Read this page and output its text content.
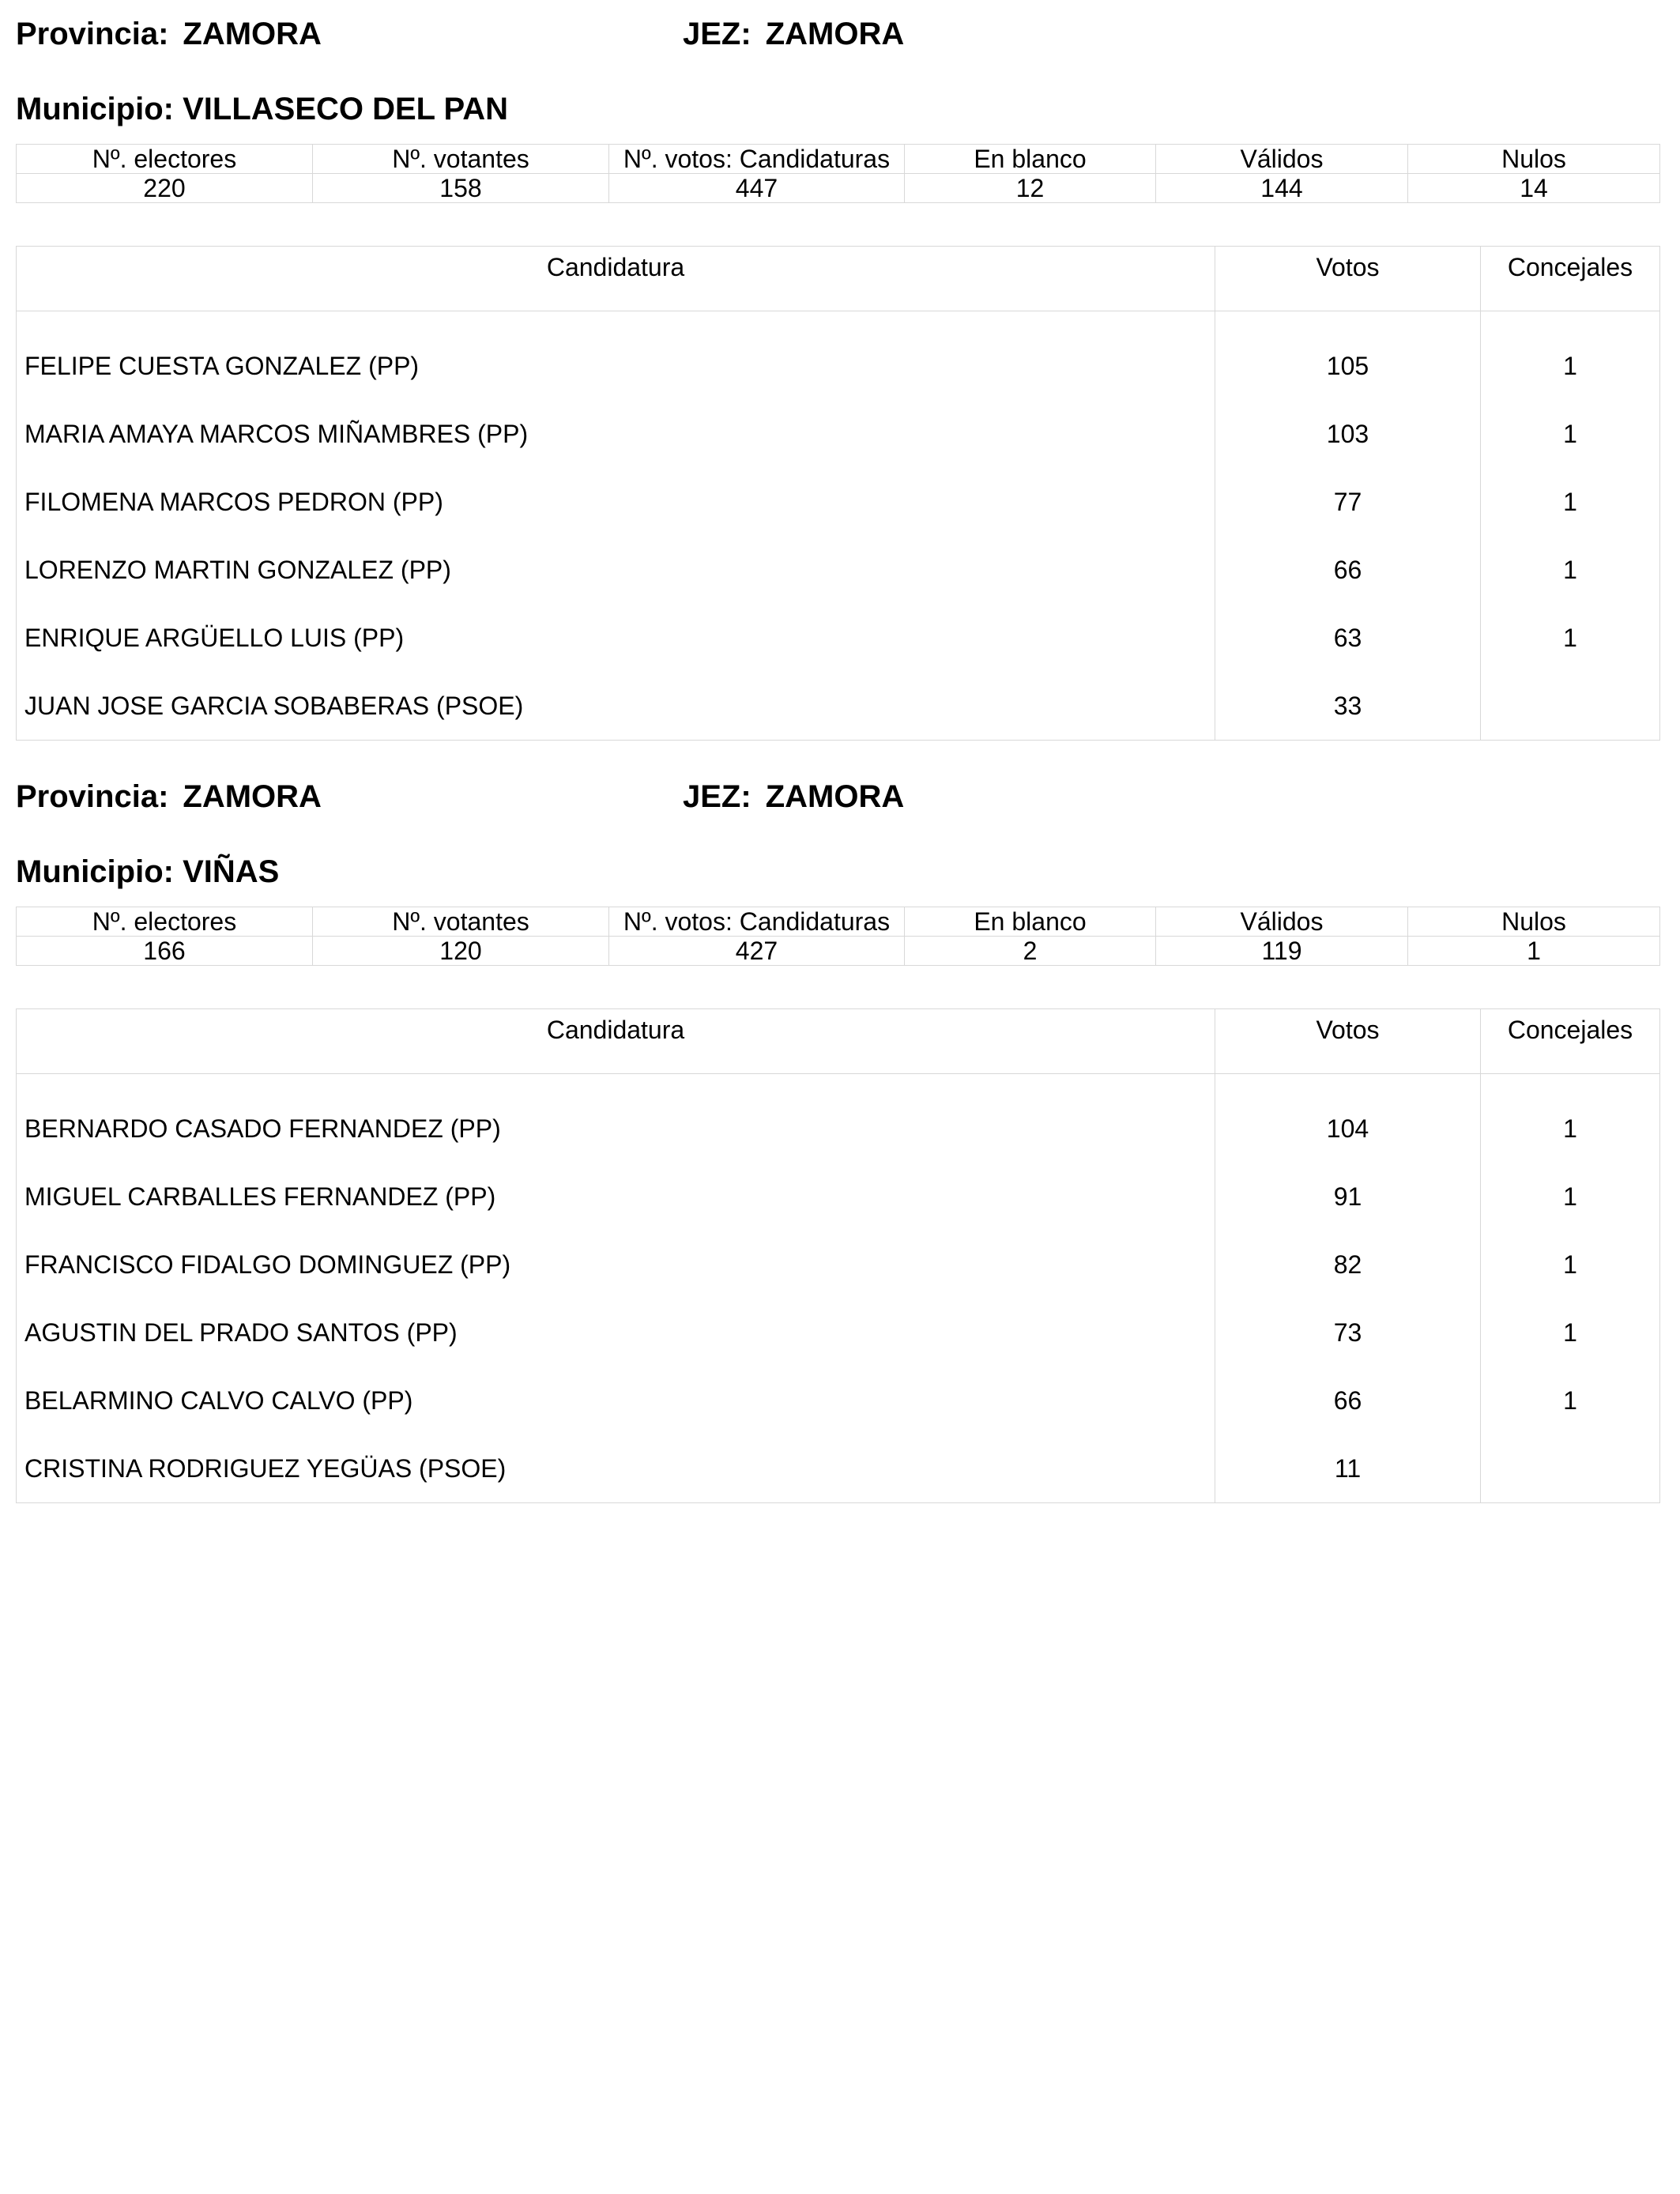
Provincia: ZAMORA	JEZ: ZAMORA
Municipio: VILLASECO DEL PAN
Nº. electores	Nº. votantes	Nº. votos: Candidaturas	En blanco	Válidos	Nulos
220	158	447	12	144	14
Candidatura	Votos	Concejales

FELIPE CUESTA GONZALEZ (PP)	105	1
MARIA AMAYA MARCOS MIÑAMBRES (PP)	103	1
FILOMENA MARCOS PEDRON (PP)	77	1
LORENZO MARTIN GONZALEZ (PP)	66	1
ENRIQUE ARGÜELLO LUIS (PP)	63	1
JUAN JOSE GARCIA SOBABERAS (PSOE)	33	
Provincia: ZAMORA	JEZ: ZAMORA
Municipio: VIÑAS
Nº. electores	Nº. votantes	Nº. votos: Candidaturas	En blanco	Válidos	Nulos
166	120	427	2	119	1
Candidatura	Votos	Concejales

BERNARDO CASADO FERNANDEZ (PP)	104	1
MIGUEL CARBALLES FERNANDEZ (PP)	91	1
FRANCISCO FIDALGO DOMINGUEZ (PP)	82	1
AGUSTIN DEL PRADO SANTOS (PP)	73	1
BELARMINO CALVO CALVO (PP)	66	1
CRISTINA RODRIGUEZ YEGÜAS (PSOE)	11	
